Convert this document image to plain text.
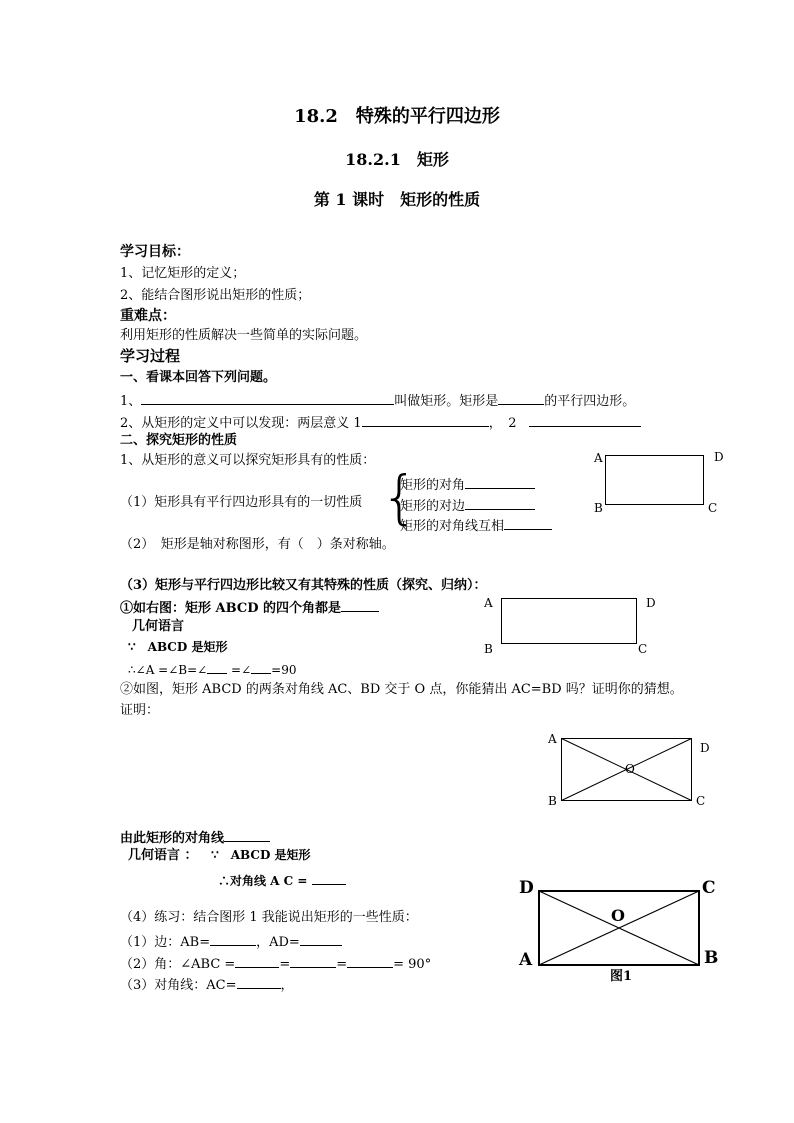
18.2　特殊的平行四边形
18.2.1　矩形
第 1 课时　矩形的性质
学习目标：
1、记忆矩形的定义；
2、能结合图形说出矩形的性质；
重难点：
利用矩形的性质解决一些简单的实际问题。
学习过程
一、看课本回答下列问题。
1、	叫做矩形。矩形是	的平行四边形。
2、从矩形的定义中可以发现：两层意义 1	，　2
二、探究矩形的性质
1、从矩形的意义可以探究矩形具有的性质：
（1）矩形具有平行四边形具有的一切性质 {
矩形的对角
矩形的对边
矩形的对角线互相
A	D
B	C
（2）　矩形是轴对称图形，有（　）条对称轴。
（3）矩形与平行四边形比较又有其特殊的性质（探究、归纳）：
①如右图：矩形 ABCD 的四个角都是
几何语言
∵　ABCD 是矩形
∴∠A =∠B=∠ =∠ =90
A	D
B	C
②如图，矩形 ABCD 的两条对角线 AC、BD 交于 O 点，你能猜出 AC=BD 吗？证明你的猜想。
证明：
A
D
B	C
O
由此矩形的对角线
几何语言 ： ∵　ABCD 是矩形
∴对角线 A C =
（4）练习：结合图形 1 我能说出矩形的一些性质：
（1）边：AB=	，AD=
（2）角：∠ABC =	=	=	= 90°
（3）对角线：AC=	，
D	C
A	B
O
图1
